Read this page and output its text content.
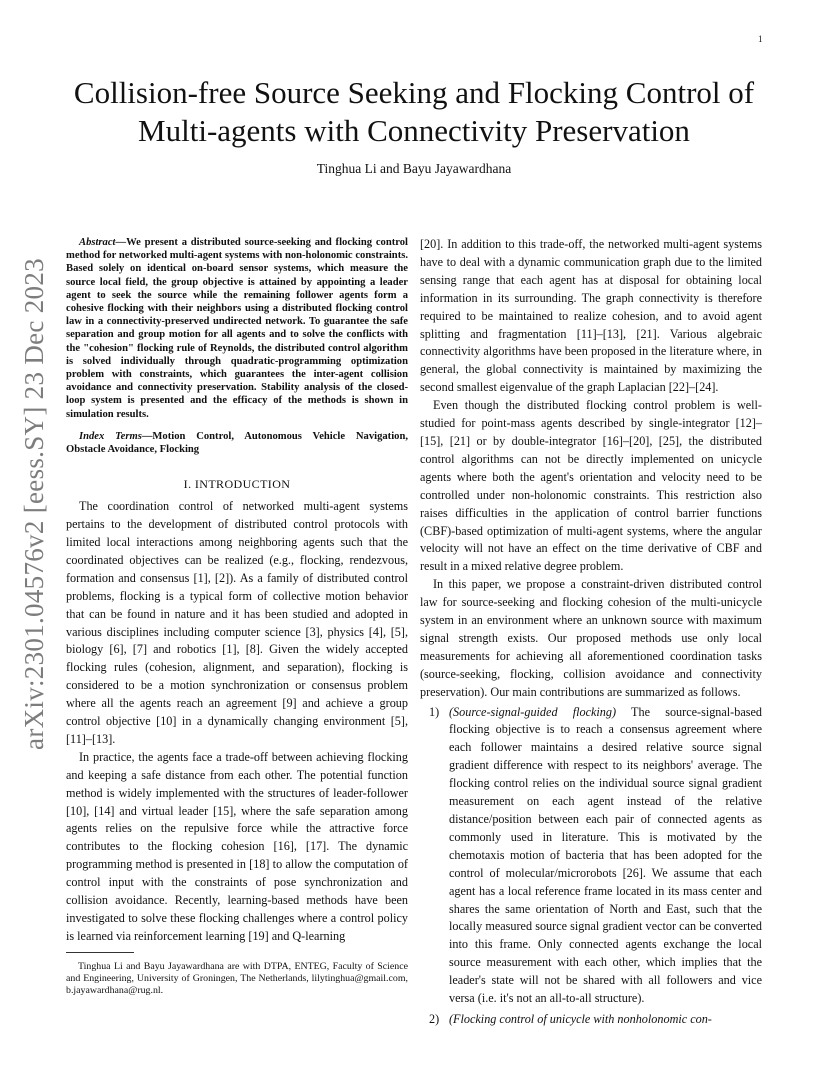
1
arXiv:2301.04576v2 [eess.SY] 23 Dec 2023
Collision-free Source Seeking and Flocking Control of Multi-agents with Connectivity Preservation
Tinghua Li and Bayu Jayawardhana

Abstract—We present a distributed source-seeking and flocking control method for networked multi-agent systems with non-holonomic constraints. Based solely on identical on-board sensor systems, which measure the source local field, the group objective is attained by appointing a leader agent to seek the source while the remaining follower agents form a cohesive flocking with their neighbors using a distributed flocking control law in a connectivity-preserved undirected network. To guarantee the safe separation and group motion for all agents and to solve the conflicts with the "cohesion" flocking rule of Reynolds, the distributed control algorithm is solved individually through quadratic-programming optimization problem with constraints, which guarantees the inter-agent collision avoidance and connectivity preservation. Stability analysis of the closed-loop system is presented and the efficacy of the methods is shown in simulation results.

Index Terms—Motion Control, Autonomous Vehicle Navigation, Obstacle Avoidance, Flocking

I. INTRODUCTION

The coordination control of networked multi-agent systems pertains to the development of distributed control protocols with limited local interactions among neighboring agents such that the coordinated objectives can be realized (e.g., flocking, rendezvous, formation and consensus [1], [2]). As a family of distributed control problems, flocking is a typical form of collective motion behavior that can be found in nature and it has been studied and adopted in various disciplines including computer science [3], physics [4], [5], biology [6], [7] and robotics [1], [8]. Given the widely accepted flocking rules (cohesion, alignment, and separation), flocking is considered to be a motion synchronization or consensus problem where all the agents reach an agreement [9] and achieve a group control objective [10] in a dynamically changing environment [5], [11]–[13].

In practice, the agents face a trade-off between achieving flocking and keeping a safe distance from each other. The potential function method is widely implemented with the structures of leader-follower [10], [14] and virtual leader [15], where the safe separation among agents relies on the repulsive force while the attractive force contributes to the flocking cohesion [16], [17]. The dynamic programming method is presented in [18] to allow the computation of control input with the constraints of pose synchronization and collision avoidance. Recently, learning-based methods have been investigated to solve these flocking challenges where a control policy is learned via reinforcement learning [19] and Q-learning

Tinghua Li and Bayu Jayawardhana are with DTPA, ENTEG, Faculty of Science and Engineering, University of Groningen, The Netherlands, lilytinghua@gmail.com, b.jayawardhana@rug.nl.

[20]. In addition to this trade-off, the networked multi-agent systems have to deal with a dynamic communication graph due to the limited sensing range that each agent has at disposal for obtaining local information in its surrounding. The graph connectivity is therefore required to be maintained to realize cohesion, and to avoid agent splitting and fragmentation [11]–[13], [21]. Various algebraic connectivity algorithms have been proposed in the literature where, in general, the global connectivity is maintained by maximizing the second smallest eigenvalue of the graph Laplacian [22]–[24].

Even though the distributed flocking control problem is well-studied for point-mass agents described by single-integrator [12]–[15], [21] or by double-integrator [16]–[20], [25], the distributed control algorithms can not be directly implemented on unicycle agents where both the agent's orientation and velocity need to be controlled under non-holonomic constraints. This restriction also raises difficulties in the application of control barrier functions (CBF)-based optimization of multi-agent systems, where the angular velocity will not have an effect on the time derivative of CBF and result in a mixed relative degree problem.

In this paper, we propose a constraint-driven distributed control law for source-seeking and flocking cohesion of the multi-unicycle system in an environment where an unknown source with maximum signal strength exists. Our proposed methods use only local measurements for achieving all aforementioned coordination tasks (source-seeking, flocking, collision avoidance and connectivity preservation). Our main contributions are summarized as follows.

1) (Source-signal-guided flocking) The source-signal-based flocking objective is to reach a consensus agreement where each follower maintains a desired relative source signal gradient difference with respect to its neighbors' average. The flocking control relies on the individual source signal gradient measurement on each agent instead of the relative distance/position between each pair of connected agents as commonly used in literature. This is motivated by the chemotaxis motion of bacteria that has been adopted for the control of molecular/microrobots [26]. We assume that each agent has a local reference frame located in its mass center and shares the same orientation of North and East, such that the locally measured source signal gradient vector can be converted into this frame. Only connected agents exchange the local source measurement with each other, which implies that the leader's state will not be shared with all followers and vice versa (i.e. it's not an all-to-all structure).

2) (Flocking control of unicycle with nonholonomic con-
